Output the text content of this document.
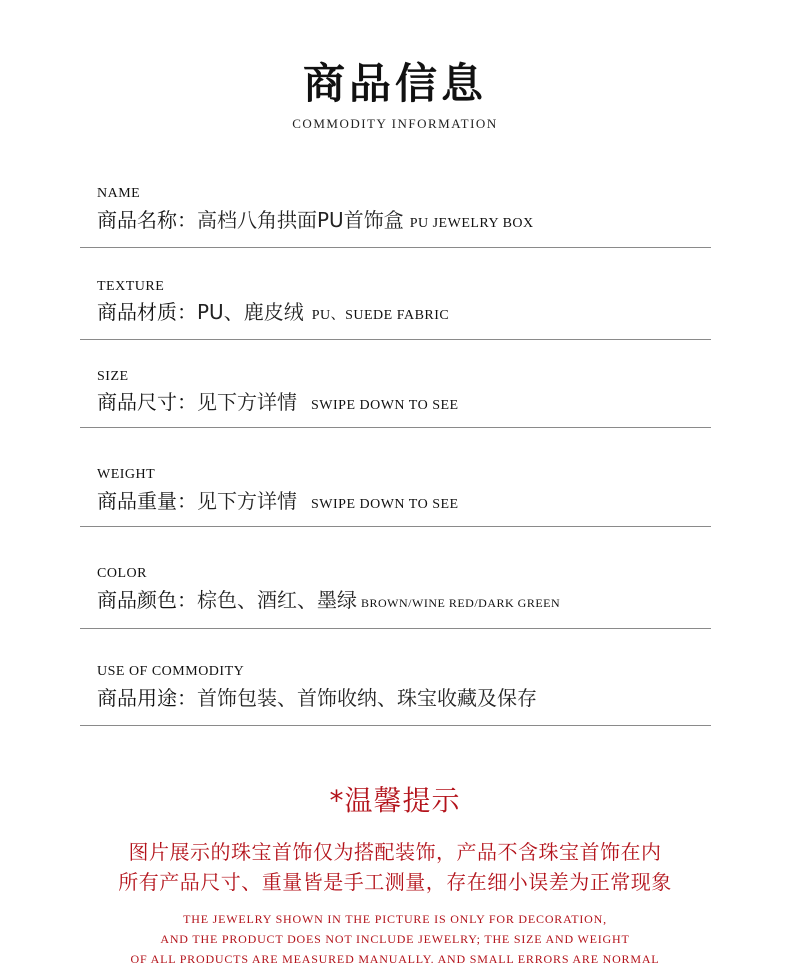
商品信息
COMMODITY INFORMATION
NAME
商品名称： 高档八角拱面PU首饰盒 PU JEWELRY BOX
TEXTURE
商品材质： PU、鹿皮绒 PU、SUEDE FABRIC
SIZE
商品尺寸： 见下方详情 SWIPE DOWN TO SEE
WEIGHT
商品重量： 见下方详情 SWIPE DOWN TO SEE
COLOR
商品颜色： 棕色、酒红、墨绿 BROWN/WINE RED/DARK GREEN
USE OF COMMODITY
商品用途： 首饰包装、首饰收纳、珠宝收藏及保存
*温馨提示
图片展示的珠宝首饰仅为搭配装饰，产品不含珠宝首饰在内
所有产品尺寸、重量皆是手工测量，存在细小误差为正常现象
THE JEWELRY SHOWN IN THE PICTURE IS ONLY FOR DECORATION,
AND THE PRODUCT DOES NOT INCLUDE JEWELRY; THE SIZE AND WEIGHT
OF ALL PRODUCTS ARE MEASURED MANUALLY. AND SMALL ERRORS ARE NORMAL
